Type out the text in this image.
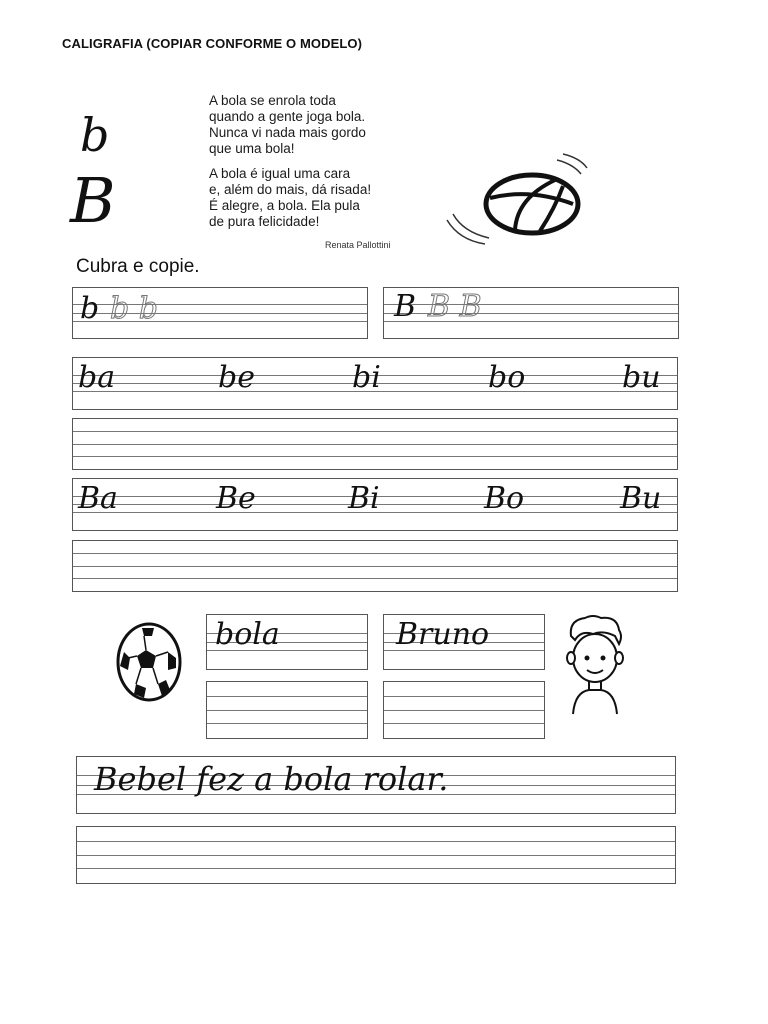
CALIGRAFIA (COPIAR CONFORME O MODELO)
b
B
A bola se enrola toda
quando a gente joga bola.
Nunca vi nada mais gordo
que uma bola!
A bola é igual uma cara
e, além do mais, dá risada!
É alegre, a bola. Ela pula
de pura felicidade!
Renata Pallottini
Cubra e copie.
b b b	B B B
ba	be	bi	bo	bu
Ba	Be	Bi	Bo	Bu
bola	Bruno
Bebel fez a bola rolar.
